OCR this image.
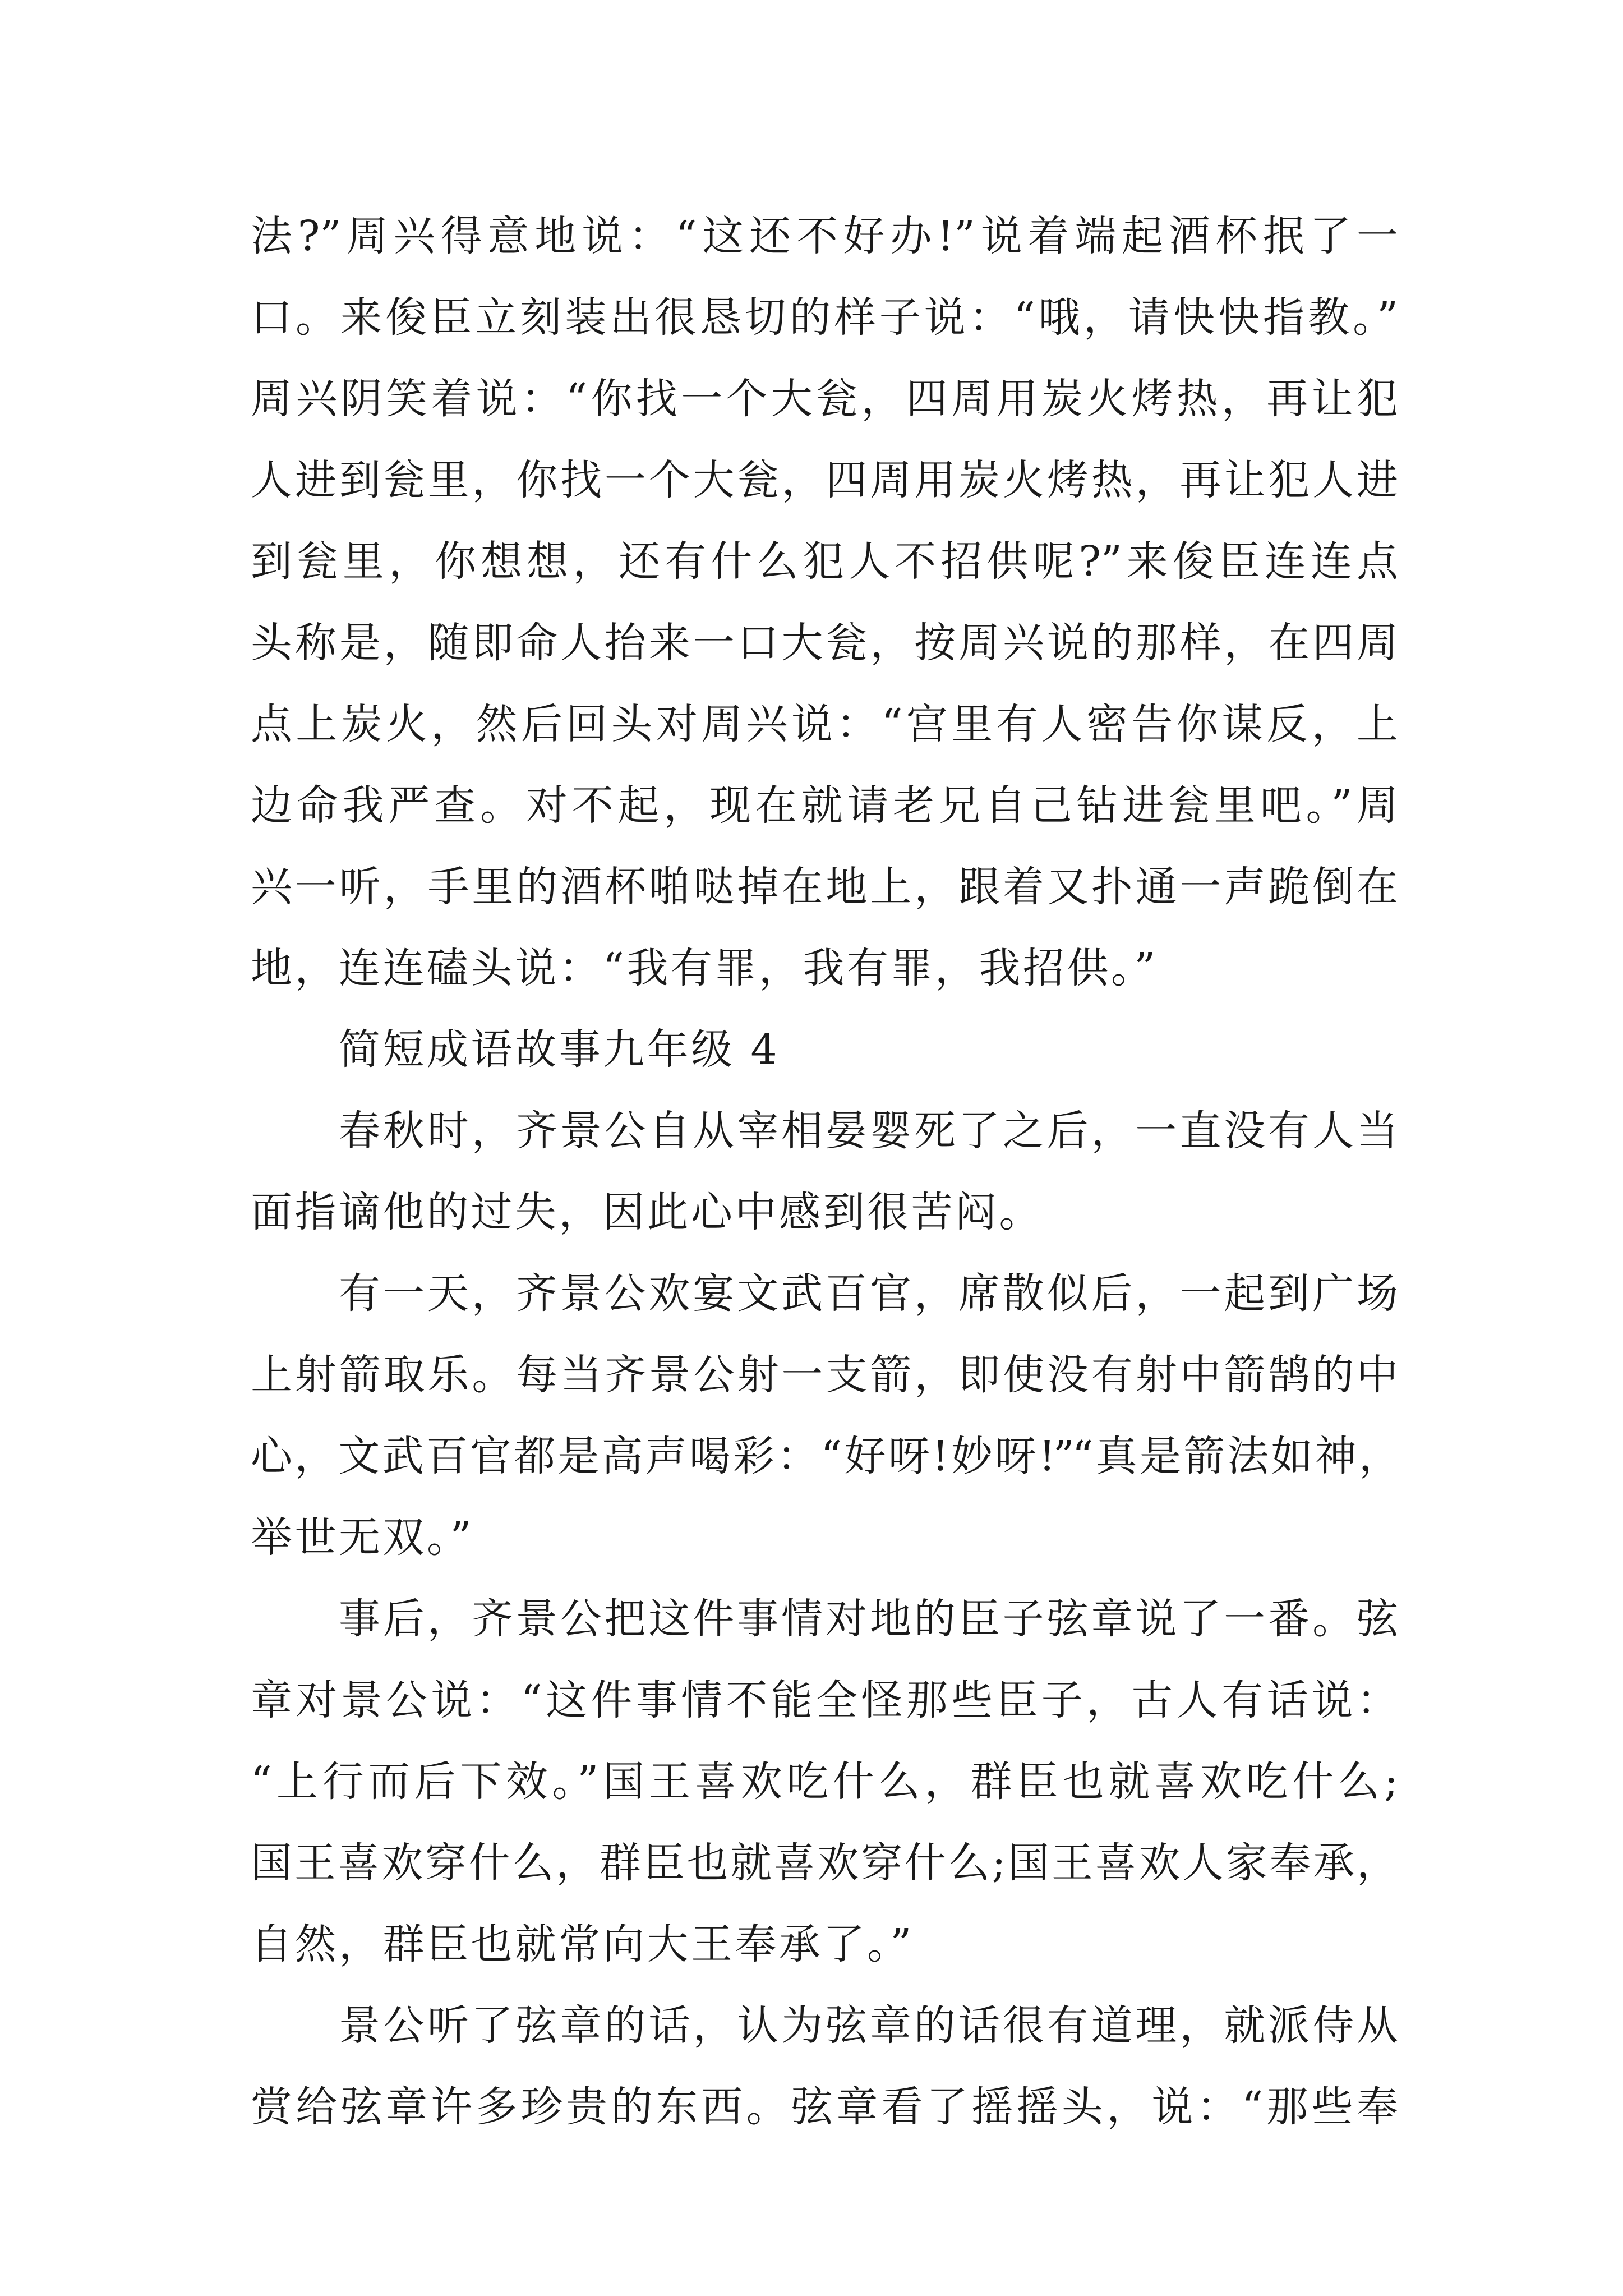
法?”周兴得意地说：“这还不好办!”说着端起酒杯抿了一
口。来俊臣立刻装出很恳切的样子说：“哦，请快快指教。”
周兴阴笑着说：“你找一个大瓮，四周用炭火烤热，再让犯
人进到瓮里，你找一个大瓮，四周用炭火烤热，再让犯人进
到瓮里，你想想，还有什么犯人不招供呢?”来俊臣连连点
头称是，随即命人抬来一口大瓮，按周兴说的那样，在四周
点上炭火，然后回头对周兴说：“宫里有人密告你谋反，上
边命我严查。对不起，现在就请老兄自己钻进瓮里吧。”周
兴一听，手里的酒杯啪哒掉在地上，跟着又扑通一声跪倒在
地，连连磕头说：“我有罪，我有罪，我招供。”
简短成语故事九年级 4
春秋时，齐景公自从宰相晏婴死了之后，一直没有人当
面指谪他的过失，因此心中感到很苦闷。
有一天，齐景公欢宴文武百官，席散似后，一起到广场
上射箭取乐。每当齐景公射一支箭，即使没有射中箭鹄的中
心，文武百官都是高声喝彩：“好呀!妙呀!”“真是箭法如神，
举世无双。”
事后，齐景公把这件事情对地的臣子弦章说了一番。弦
章对景公说：“这件事情不能全怪那些臣子，古人有话说：
“上行而后下效。”国王喜欢吃什么，群臣也就喜欢吃什么;
国王喜欢穿什么，群臣也就喜欢穿什么;国王喜欢人家奉承，
自然，群臣也就常向大王奉承了。”
景公听了弦章的话，认为弦章的话很有道理，就派侍从
赏给弦章许多珍贵的东西。弦章看了摇摇头，说：“那些奉
